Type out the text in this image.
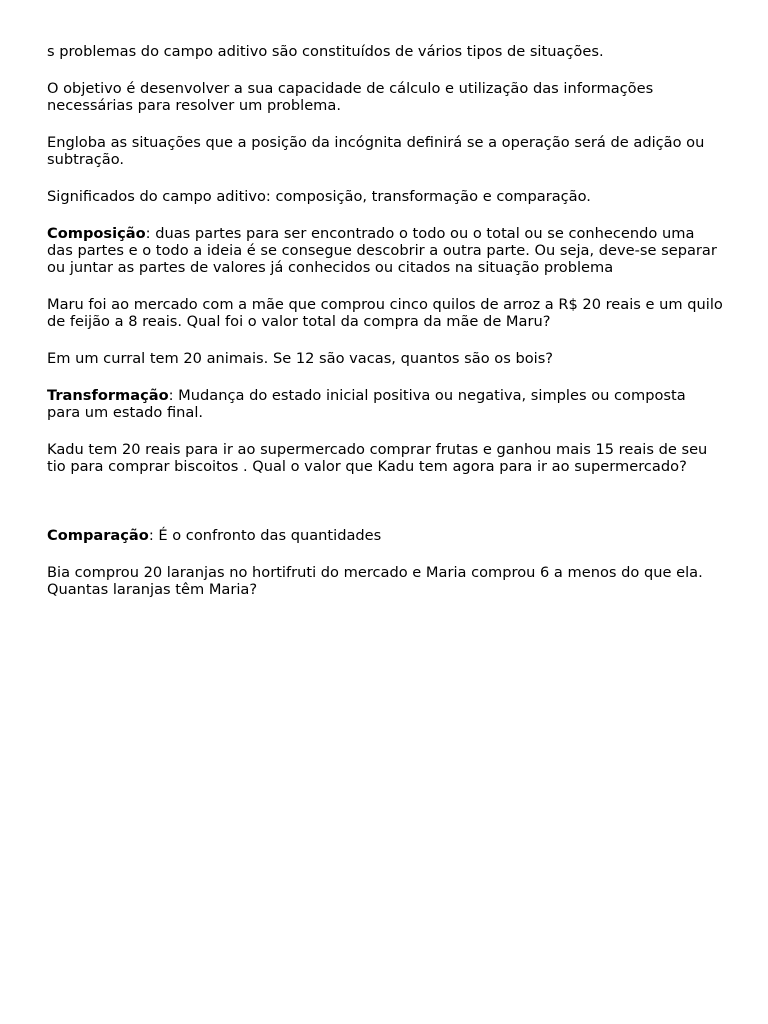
s problemas do campo aditivo são constituídos de vários tipos de situações.

O objetivo é desenvolver a sua capacidade de cálculo e utilização das informações necessárias para resolver um problema.

Engloba as situações que a posição da incógnita definirá se a operação será de adição ou subtração.

Significados do campo aditivo: composição, transformação e comparação.

Composição: duas partes para ser encontrado o todo ou o total ou se conhecendo uma das partes e o todo a ideia é se consegue descobrir a outra parte. Ou seja, deve-se separar ou juntar as partes de valores já conhecidos ou citados na situação problema

Maru foi ao mercado com a mãe que comprou cinco quilos de arroz a R$ 20 reais e um quilo de feijão a 8 reais. Qual foi o valor total da compra da mãe de Maru?

Em um curral tem 20 animais. Se 12 são vacas, quantos são os bois?

Transformação: Mudança do estado inicial positiva ou negativa, simples ou composta para um estado final.

Kadu tem 20 reais para ir ao supermercado comprar frutas e ganhou mais 15 reais de seu tio para comprar biscoitos . Qual o valor que Kadu tem agora para ir ao supermercado?

Comparação: É o confronto das quantidades

Bia comprou 20 laranjas no hortifruti do mercado e Maria comprou 6 a menos do que ela. Quantas laranjas têm Maria?
